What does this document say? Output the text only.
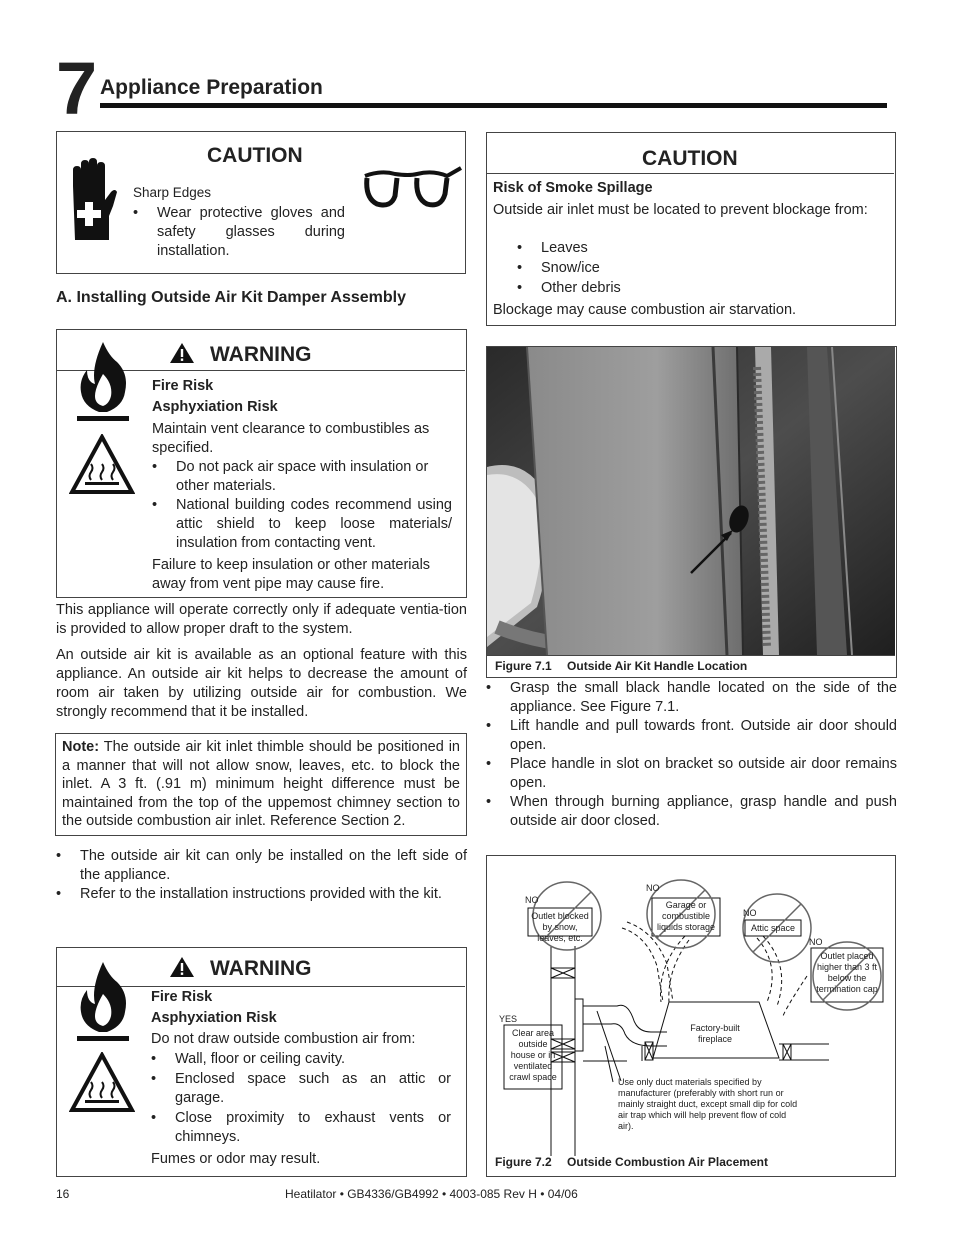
7 Appliance Preparation
CAUTION
Sharp Edges
• Wear protective gloves and safety glasses during installation.
A. Installing Outside Air Kit Damper Assembly
WARNING
Fire Risk
Asphyxiation Risk

Maintain vent clearance to combustibles as specified.

• Do not pack air space with insulation or other materials.
• National building codes recommend using attic shield to keep loose materials/ insulation from contacting vent.

Failure to keep insulation or other materials away from vent pipe may cause fire.

This appliance will operate correctly only if adequate ventia-tion is provided to allow proper draft to the system.

An outside air kit is available as an optional feature with this appliance. An outside air kit helps to decrease the amount of room air taken by utilizing outside air for combustion. We strongly recommend that it be installed.

Note: The outside air kit inlet thimble should be positioned in a manner that will not allow snow, leaves, etc. to block the inlet. A 3 ft. (.91 m) minimum height difference must be maintained from the top of the uppemost chimney section to the outside combustion air inlet. Reference Section 2.

• The outside air kit can only be installed on the left side of the appliance.
• Refer to the installation instructions provided with the kit.
WARNING
Fire Risk
Asphyxiation Risk

Do not draw outside combustion air from:

• Wall, floor or ceiling cavity.
• Enclosed space such as an attic or garage.
• Close proximity to exhaust vents or chimneys.

Fumes or odor may result.

CAUTION
Risk of Smoke Spillage

Outside air inlet must be located to prevent blockage from:

• Leaves
• Snow/ice
• Other debris

Blockage may cause combustion air starvation.

Figure 7.1 Outside Air Kit Handle Location
• Grasp the small black handle located on the side of the appliance. See Figure 7.1.
• Lift handle and pull towards front. Outside air door should open.
• Place handle in slot on bracket so outside air door remains open.
• When through burning appliance, grasp handle and push outside air door closed.
NO
Outlet blocked by snow, leaves, etc.
NO
Garage or combustible liquids storage
NO
Attic space
NO
Outlet placed higher than 3 ft below the termination cap
YES
Clear area outside house or in ventilated crawl space
Factory-built fireplace
Use only duct materials specified by manufacturer (preferably with short run or mainly straight duct, except small dip for cold air trap which will help prevent flow of cold air).
Figure 7.2 Outside Combustion Air Placement
16	Heatilator • GB4336/GB4992 • 4003-085 Rev H • 04/06
